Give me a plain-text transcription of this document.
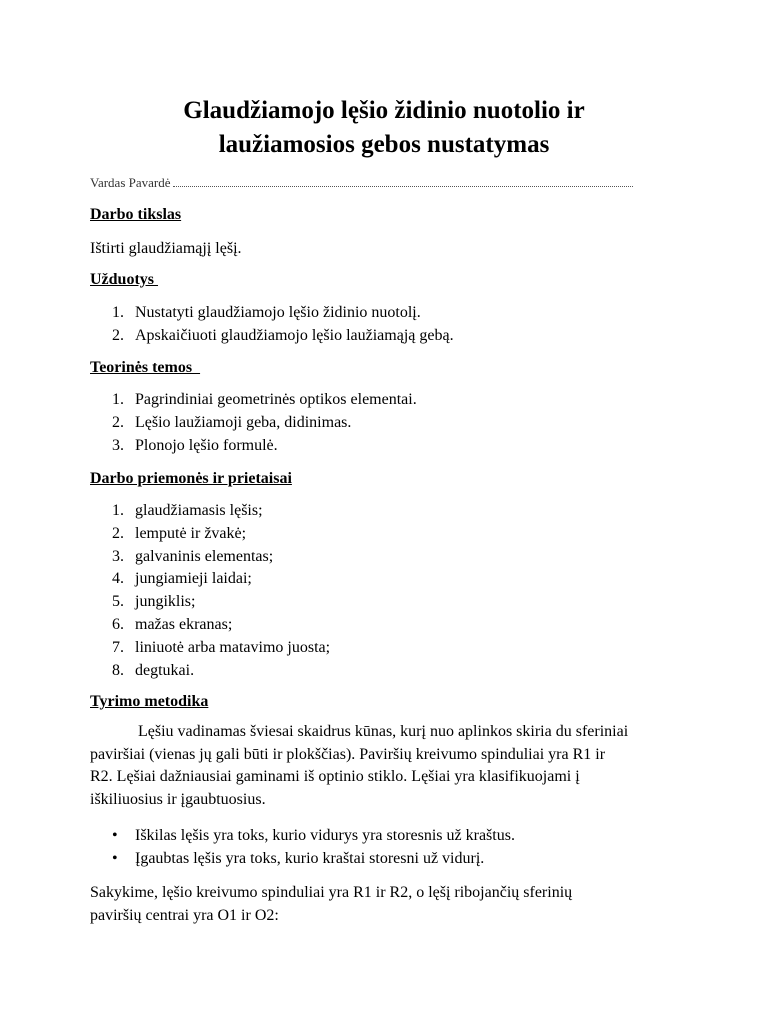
Glaudžiamojo lęšio židinio nuotolio ir
laužiamosios gebos nustatymas
Vardas Pavardė
Darbo tikslas
Ištirti glaudžiamąjį lęšį.
Užduotys
1. Nustatyti glaudžiamojo lęšio židinio nuotolį.
2. Apskaičiuoti glaudžiamojo lęšio laužiamąją gebą.
Teorinės temos
1. Pagrindiniai geometrinės optikos elementai.
2. Lęšio laužiamoji geba, didinimas.
3. Plonojo lęšio formulė.
Darbo priemonės ir prietaisai
1. glaudžiamasis lęšis;
2. lemputė ir žvakė;
3. galvaninis elementas;
4. jungiamieji laidai;
5. jungiklis;
6. mažas ekranas;
7. liniuotė arba matavimo juosta;
8. degtukai.
Tyrimo metodika
Lęšiu vadinamas šviesai skaidrus kūnas, kurį nuo aplinkos skiria du sferiniai
paviršiai (vienas jų gali būti ir plokščias). Paviršių kreivumo spinduliai yra R1 ir
R2. Lęšiai dažniausiai gaminami iš optinio stiklo. Lęšiai yra klasifikuojami į
iškiliuosius ir įgaubtuosius.
•Iškilas lęšis yra toks, kurio vidurys yra storesnis už kraštus.
•Įgaubtas lęšis yra toks, kurio kraštai storesni už vidurį.
Sakykime, lęšio kreivumo spinduliai yra R1 ir R2, o lęšį ribojančių sferinių
paviršių centrai yra O1 ir O2:
